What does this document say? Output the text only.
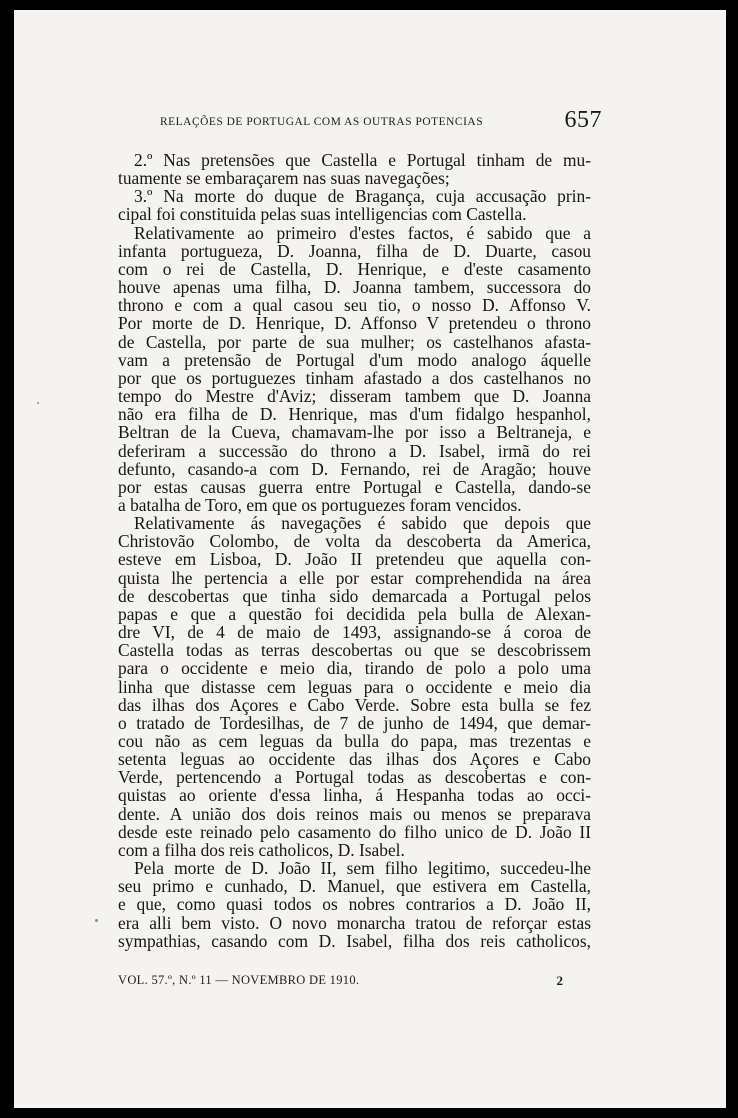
RELAÇÕES DE PORTUGAL COM AS OUTRAS POTENCIAS	657
2.º Nas pretensões que Castella e Portugal tinham de mu-
tuamente se embaraçarem nas suas navegações;
3.º Na morte do duque de Bragança, cuja accusação prin-
cipal foi constituida pelas suas intelligencias com Castella.
Relativamente ao primeiro d'estes factos, é sabido que a
infanta portugueza, D. Joanna, filha de D. Duarte, casou
com o rei de Castella, D. Henrique, e d'este casamento
houve apenas uma filha, D. Joanna tambem, successora do
throno e com a qual casou seu tio, o nosso D. Affonso V.
Por morte de D. Henrique, D. Affonso V pretendeu o throno
de Castella, por parte de sua mulher; os castelhanos afasta-
vam a pretensão de Portugal d'um modo analogo áquelle
por que os portuguezes tinham afastado a dos castelhanos no
tempo do Mestre d'Aviz; disseram tambem que D. Joanna
não era filha de D. Henrique, mas d'um fidalgo hespanhol,
Beltran de la Cueva, chamavam-lhe por isso a Beltraneja, e
deferiram a successão do throno a D. Isabel, irmã do rei
defunto, casando-a com D. Fernando, rei de Aragão; houve
por estas causas guerra entre Portugal e Castella, dando-se
a batalha de Toro, em que os portuguezes foram vencidos.
Relativamente ás navegações é sabido que depois que
Christovão Colombo, de volta da descoberta da America,
esteve em Lisboa, D. João II pretendeu que aquella con-
quista lhe pertencia a elle por estar comprehendida na área
de descobertas que tinha sido demarcada a Portugal pelos
papas e que a questão foi decidida pela bulla de Alexan-
dre VI, de 4 de maio de 1493, assignando-se á coroa de
Castella todas as terras descobertas ou que se descobrissem
para o occidente e meio dia, tirando de polo a polo uma
linha que distasse cem leguas para o occidente e meio dia
das ilhas dos Açores e Cabo Verde. Sobre esta bulla se fez
o tratado de Tordesilhas, de 7 de junho de 1494, que demar-
cou não as cem leguas da bulla do papa, mas trezentas e
setenta leguas ao occidente das ilhas dos Açores e Cabo
Verde, pertencendo a Portugal todas as descobertas e con-
quistas ao oriente d'essa linha, á Hespanha todas ao occi-
dente. A união dos dois reinos mais ou menos se preparava
desde este reinado pelo casamento do filho unico de D. João II
com a filha dos reis catholicos, D. Isabel.
Pela morte de D. João II, sem filho legitimo, succedeu-lhe
seu primo e cunhado, D. Manuel, que estivera em Castella,
e que, como quasi todos os nobres contrarios a D. João II,
era alli bem visto. O novo monarcha tratou de reforçar estas
sympathias, casando com D. Isabel, filha dos reis catholicos,
VOL. 57.º, N.º 11 — NOVEMBRO DE 1910.	2
